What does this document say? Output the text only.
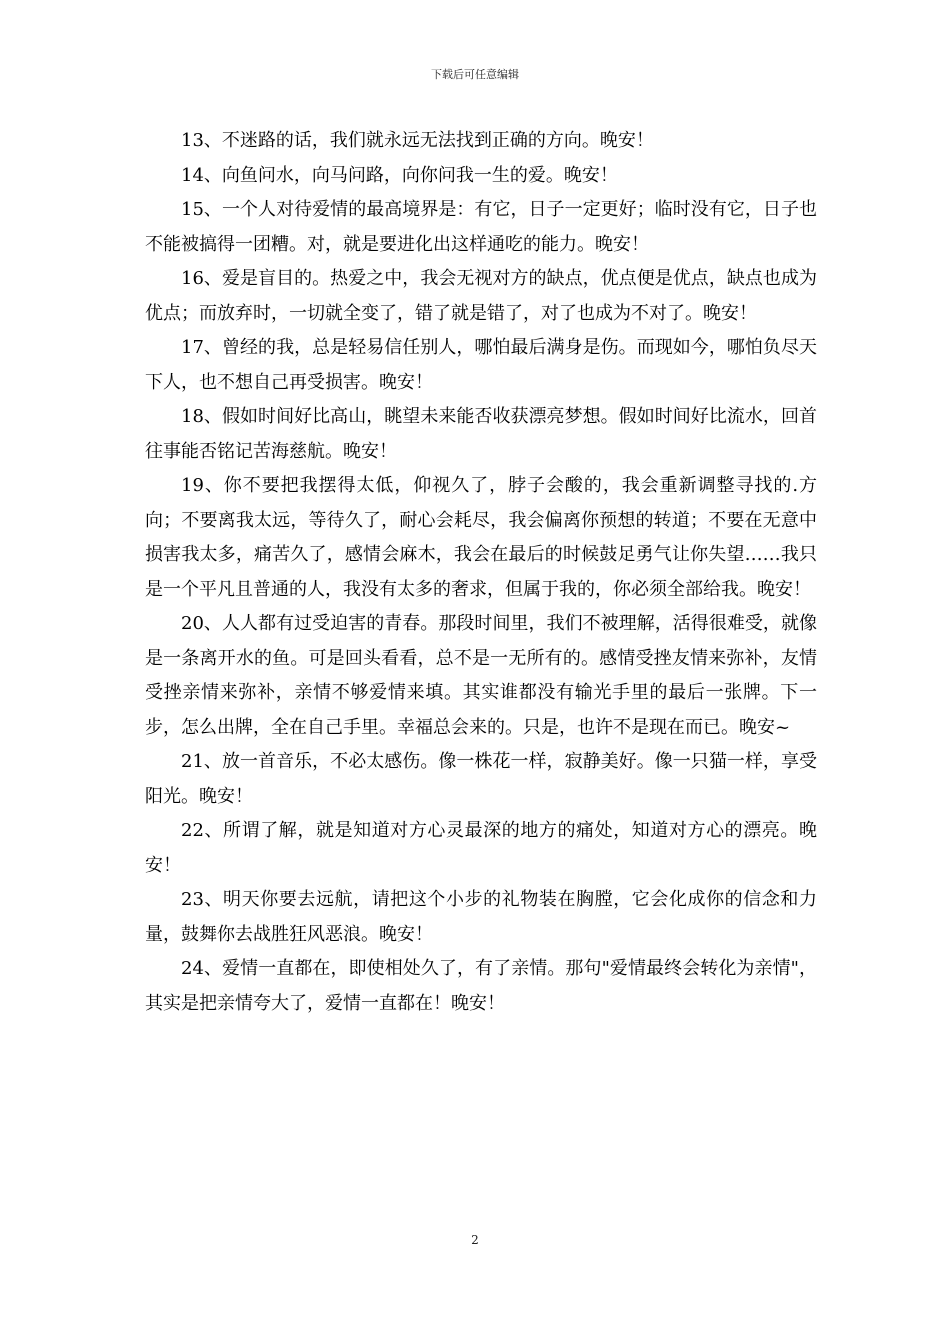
下载后可任意编辑

13、不迷路的话，我们就永远无法找到正确的方向。晚安！

14、向鱼问水，向马问路，向你问我一生的爱。晚安！

15、一个人对待爱情的最高境界是：有它，日子一定更好；临时没有它，日子也不能被搞得一团糟。对，就是要进化出这样通吃的能力。晚安！

16、爱是盲目的。热爱之中，我会无视对方的缺点，优点便是优点，缺点也成为优点；而放弃时，一切就全变了，错了就是错了，对了也成为不对了。晚安！

17、曾经的我，总是轻易信任别人，哪怕最后满身是伤。而现如今，哪怕负尽天下人，也不想自己再受损害。晚安！

18、假如时间好比高山，眺望未来能否收获漂亮梦想。假如时间好比流水，回首往事能否铭记苦海慈航。晚安！

19、你不要把我摆得太低，仰视久了，脖子会酸的，我会重新调整寻找的.方向；不要离我太远，等待久了，耐心会耗尽，我会偏离你预想的转道；不要在无意中损害我太多，痛苦久了，感情会麻木，我会在最后的时候鼓足勇气让你失望……我只是一个平凡且普通的人，我没有太多的奢求，但属于我的，你必须全部给我。晚安！

20、人人都有过受迫害的青春。那段时间里，我们不被理解，活得很难受，就像是一条离开水的鱼。可是回头看看，总不是一无所有的。感情受挫友情来弥补，友情受挫亲情来弥补，亲情不够爱情来填。其实谁都没有输光手里的最后一张牌。下一步，怎么出牌，全在自己手里。幸福总会来的。只是，也许不是现在而已。晚安~

21、放一首音乐，不必太感伤。像一株花一样，寂静美好。像一只猫一样，享受阳光。晚安！

22、所谓了解，就是知道对方心灵最深的地方的痛处，知道对方心的漂亮。晚安！

23、明天你要去远航，请把这个小步的礼物装在胸膛，它会化成你的信念和力量，鼓舞你去战胜狂风恶浪。晚安！

24、爱情一直都在，即使相处久了，有了亲情。那句"爱情最终会转化为亲情"，其实是把亲情夸大了，爱情一直都在！晚安！

2
